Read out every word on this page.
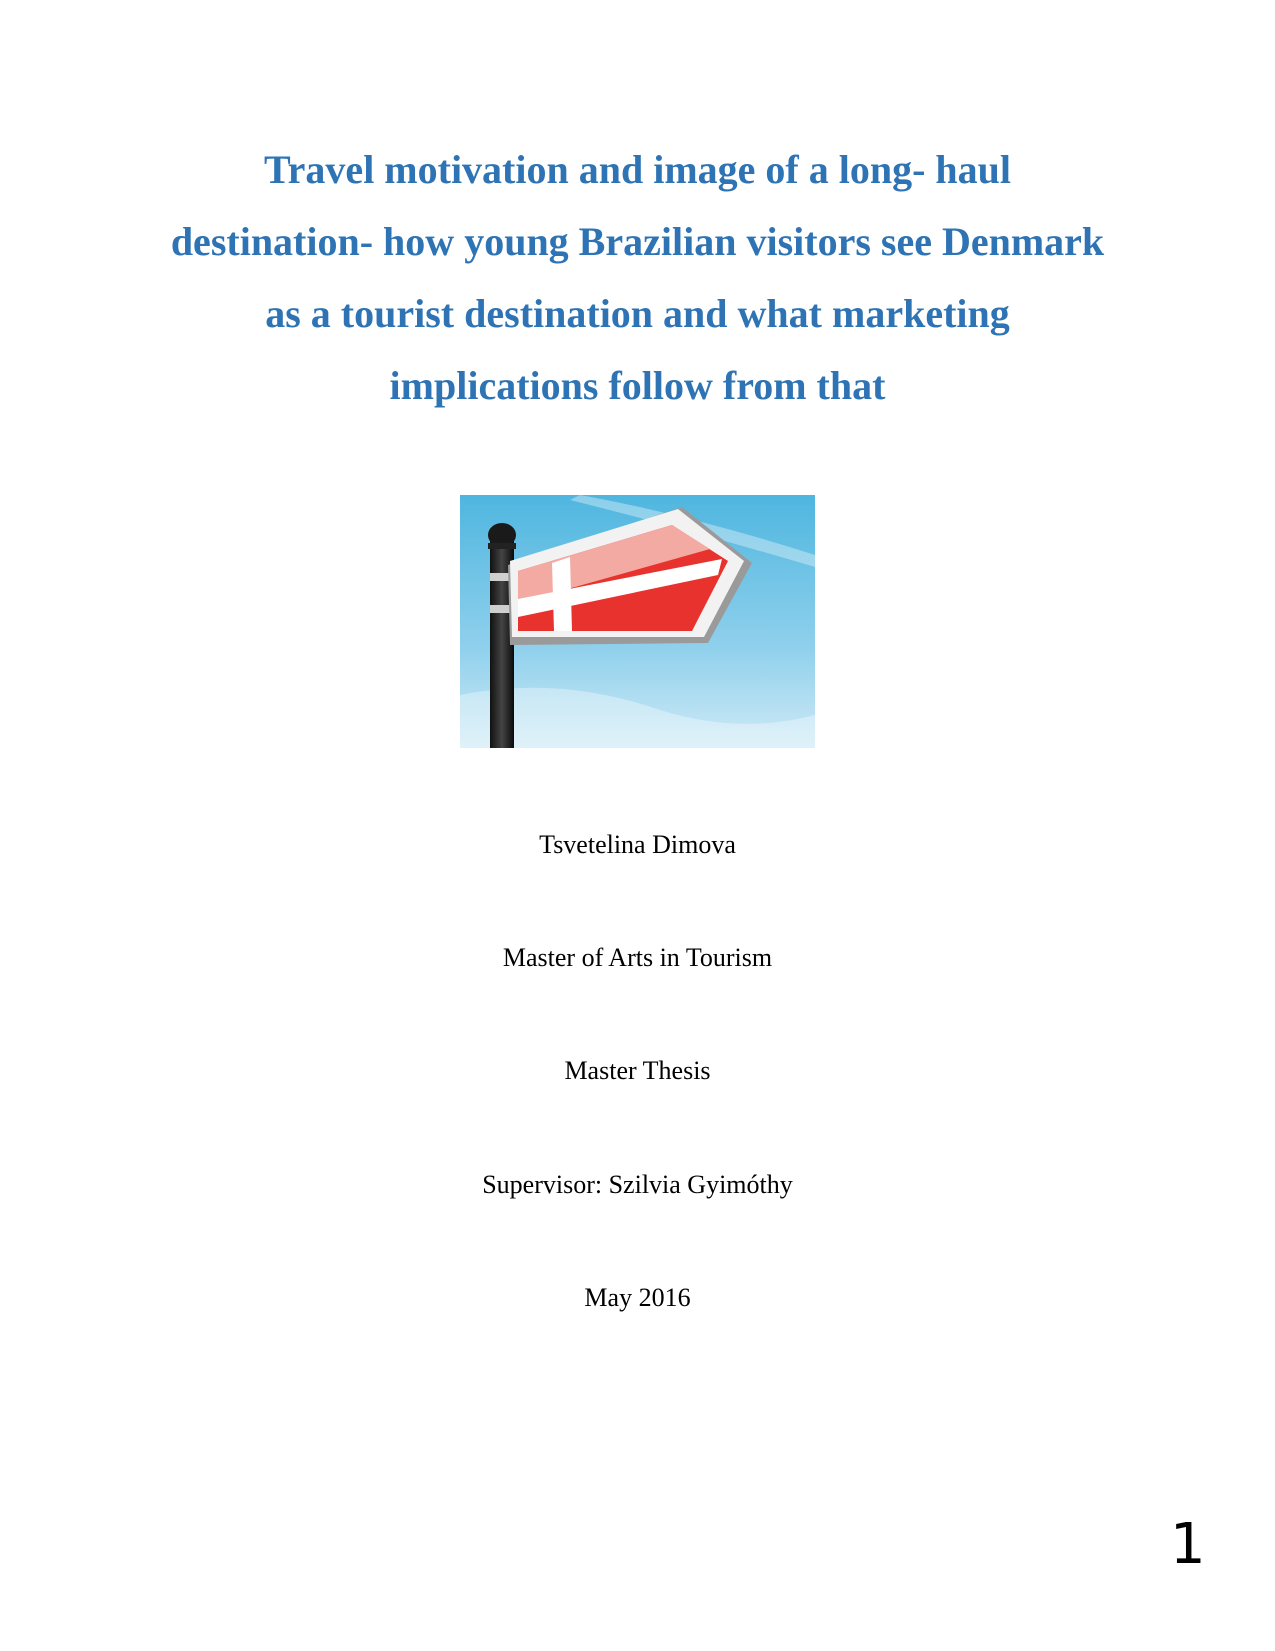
Travel motivation and image of a long- haul
destination- how young Brazilian visitors see Denmark
as a tourist destination and what marketing
implications follow from that
Tsvetelina Dimova
Master of Arts in Tourism
Master Thesis
Supervisor: Szilvia Gyimóthy
May 2016
1
